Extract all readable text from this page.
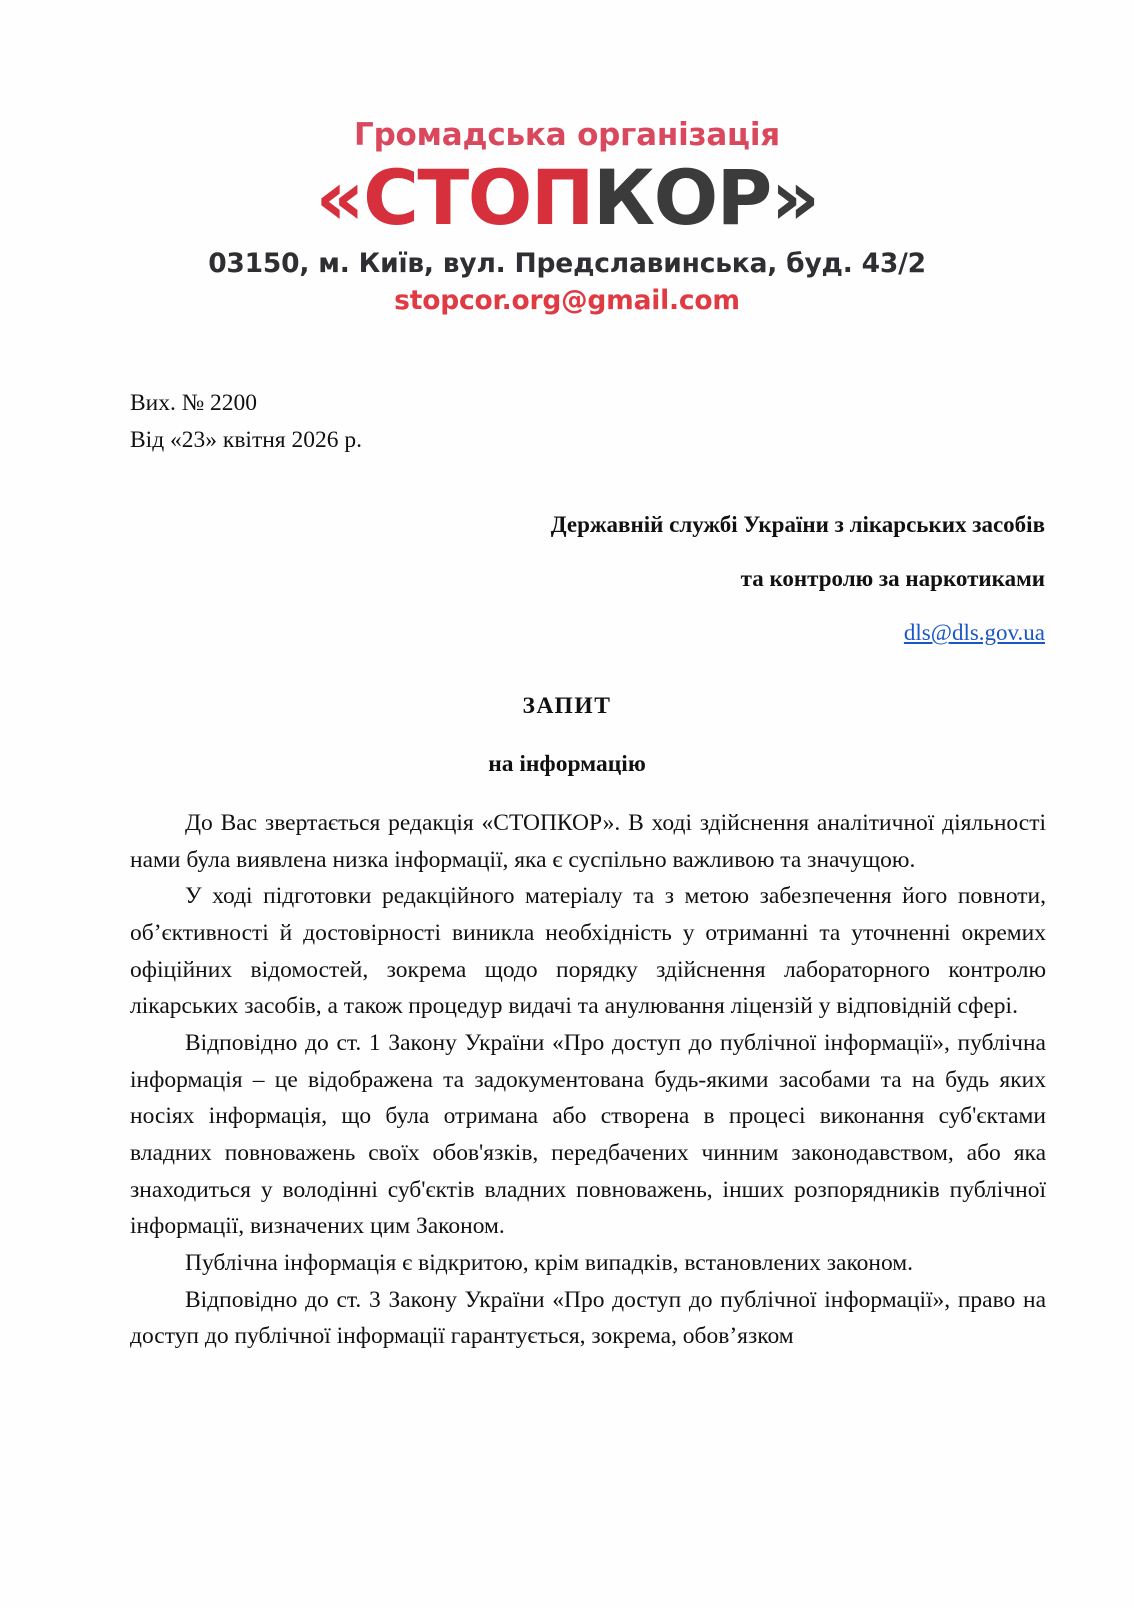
Громадська організація
«СТОПКОР»
03150, м. Київ, вул. Предславинська, буд. 43/2
stopcor.org@gmail.com
Вих. № 2200
Від «23» квітня 2026 р.
Державній службі України з лікарських засобів
та контролю за наркотиками
dls@dls.gov.ua
ЗАПИТ
на інформацію

До Вас звертається редакція «СТОПКОР». В ході здійснення аналітичної діяльності нами була виявлена низка інформації, яка є суспільно важливою та значущою.

У ході підготовки редакційного матеріалу та з метою забезпечення його повноти, об’єктивності й достовірності виникла необхідність у отриманні та уточненні окремих офіційних відомостей, зокрема щодо порядку здійснення лабораторного контролю лікарських засобів, а також процедур видачі та анулювання ліцензій у відповідній сфері.

Відповідно до ст. 1 Закону України «Про доступ до публічної інформації», публічна інформація – це відображена та задокументована будь-якими засобами та на будь яких носіях інформація, що була отримана або створена в процесі виконання суб'єктами владних повноважень своїх обов'язків, передбачених чинним законодавством, або яка знаходиться у володінні суб'єктів владних повноважень, інших розпорядників публічної інформації, визначених цим Законом.

Публічна інформація є відкритою, крім випадків, встановлених законом.

Відповідно до ст. 3 Закону України «Про доступ до публічної інформації», право на доступ до публічної інформації гарантується, зокрема, обов’язком
